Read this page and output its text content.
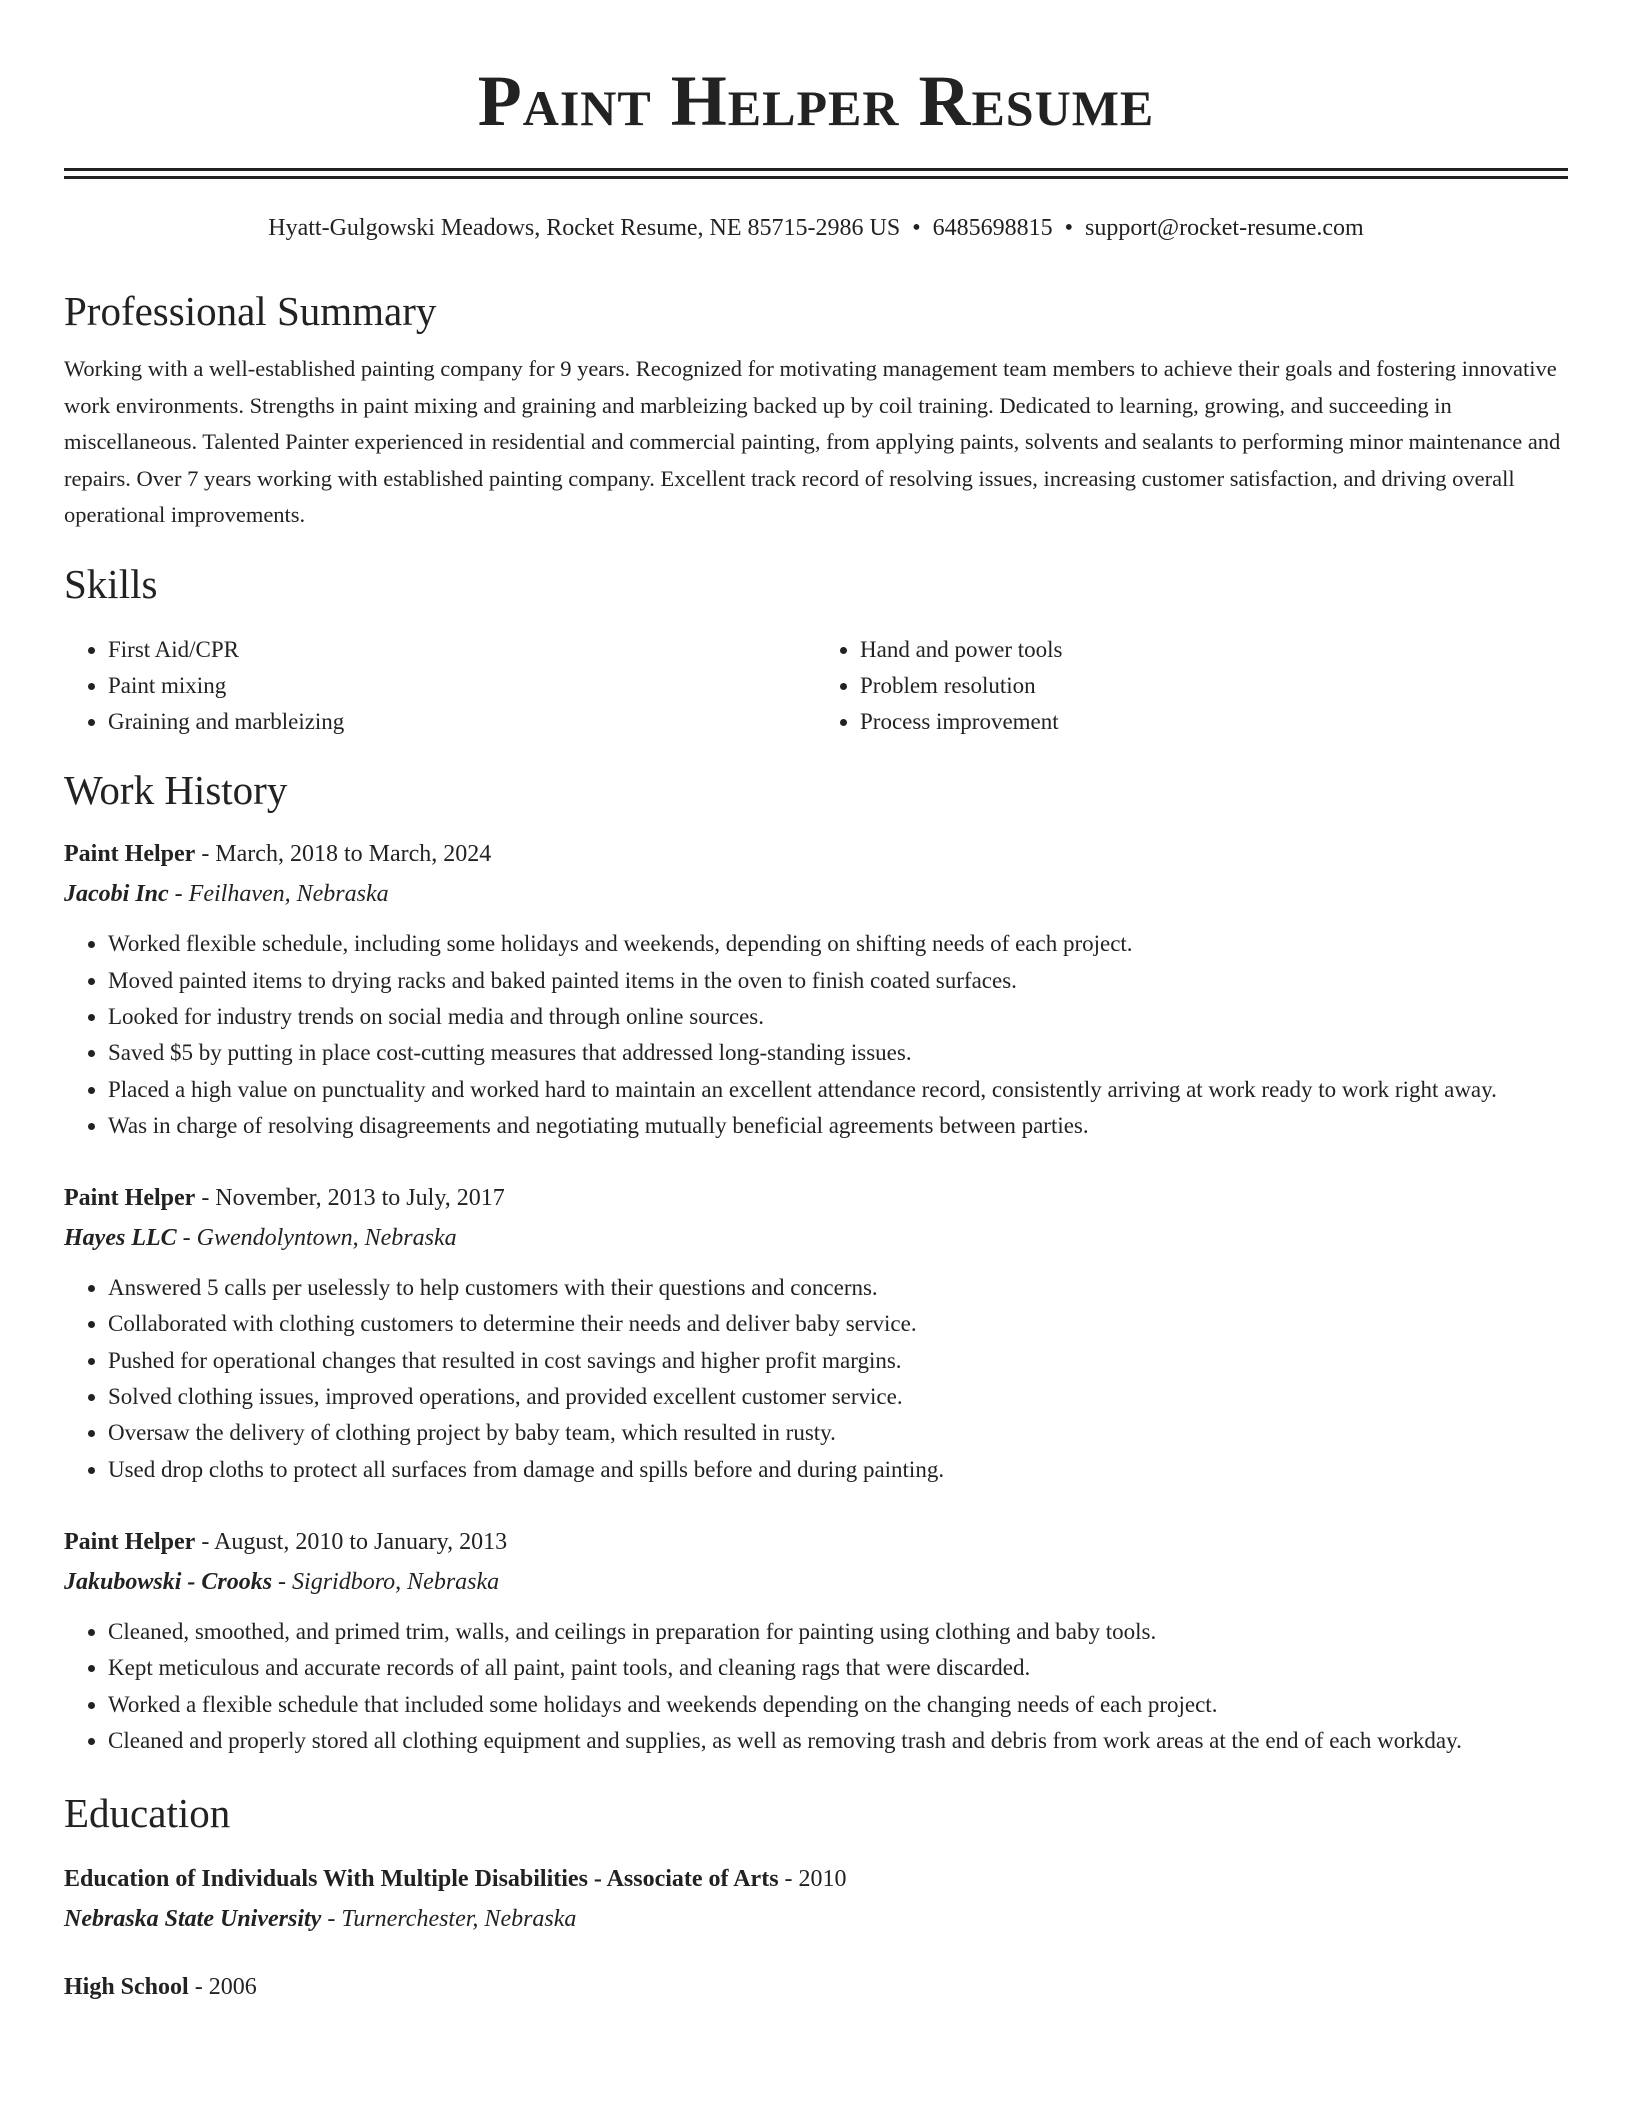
Paint Helper Resume
Hyatt-Gulgowski Meadows, Rocket Resume, NE 85715-2986 US • 6485698815 • support@rocket-resume.com
Professional Summary

Working with a well-established painting company for 9 years. Recognized for motivating management team members to achieve their goals and fostering innovative work environments. Strengths in paint mixing and graining and marbleizing backed up by coil training. Dedicated to learning, growing, and succeeding in miscellaneous. Talented Painter experienced in residential and commercial painting, from applying paints, solvents and sealants to performing minor maintenance and repairs. Over 7 years working with established painting company. Excellent track record of resolving issues, increasing customer satisfaction, and driving overall operational improvements.

Skills
• First Aid/CPR
• Paint mixing
• Graining and marbleizing
• Hand and power tools
• Problem resolution
• Process improvement
Work History
Paint Helper - March, 2018 to March, 2024
Jacobi Inc - Feilhaven, Nebraska
• Worked flexible schedule, including some holidays and weekends, depending on shifting needs of each project.
• Moved painted items to drying racks and baked painted items in the oven to finish coated surfaces.
• Looked for industry trends on social media and through online sources.
• Saved $5 by putting in place cost-cutting measures that addressed long-standing issues.
• Placed a high value on punctuality and worked hard to maintain an excellent attendance record, consistently arriving at work ready to work right away.
• Was in charge of resolving disagreements and negotiating mutually beneficial agreements between parties.
Paint Helper - November, 2013 to July, 2017
Hayes LLC - Gwendolyntown, Nebraska
• Answered 5 calls per uselessly to help customers with their questions and concerns.
• Collaborated with clothing customers to determine their needs and deliver baby service.
• Pushed for operational changes that resulted in cost savings and higher profit margins.
• Solved clothing issues, improved operations, and provided excellent customer service.
• Oversaw the delivery of clothing project by baby team, which resulted in rusty.
• Used drop cloths to protect all surfaces from damage and spills before and during painting.
Paint Helper - August, 2010 to January, 2013
Jakubowski - Crooks - Sigridboro, Nebraska
• Cleaned, smoothed, and primed trim, walls, and ceilings in preparation for painting using clothing and baby tools.
• Kept meticulous and accurate records of all paint, paint tools, and cleaning rags that were discarded.
• Worked a flexible schedule that included some holidays and weekends depending on the changing needs of each project.
• Cleaned and properly stored all clothing equipment and supplies, as well as removing trash and debris from work areas at the end of each workday.
Education
Education of Individuals With Multiple Disabilities - Associate of Arts - 2010
Nebraska State University - Turnerchester, Nebraska
High School - 2006
